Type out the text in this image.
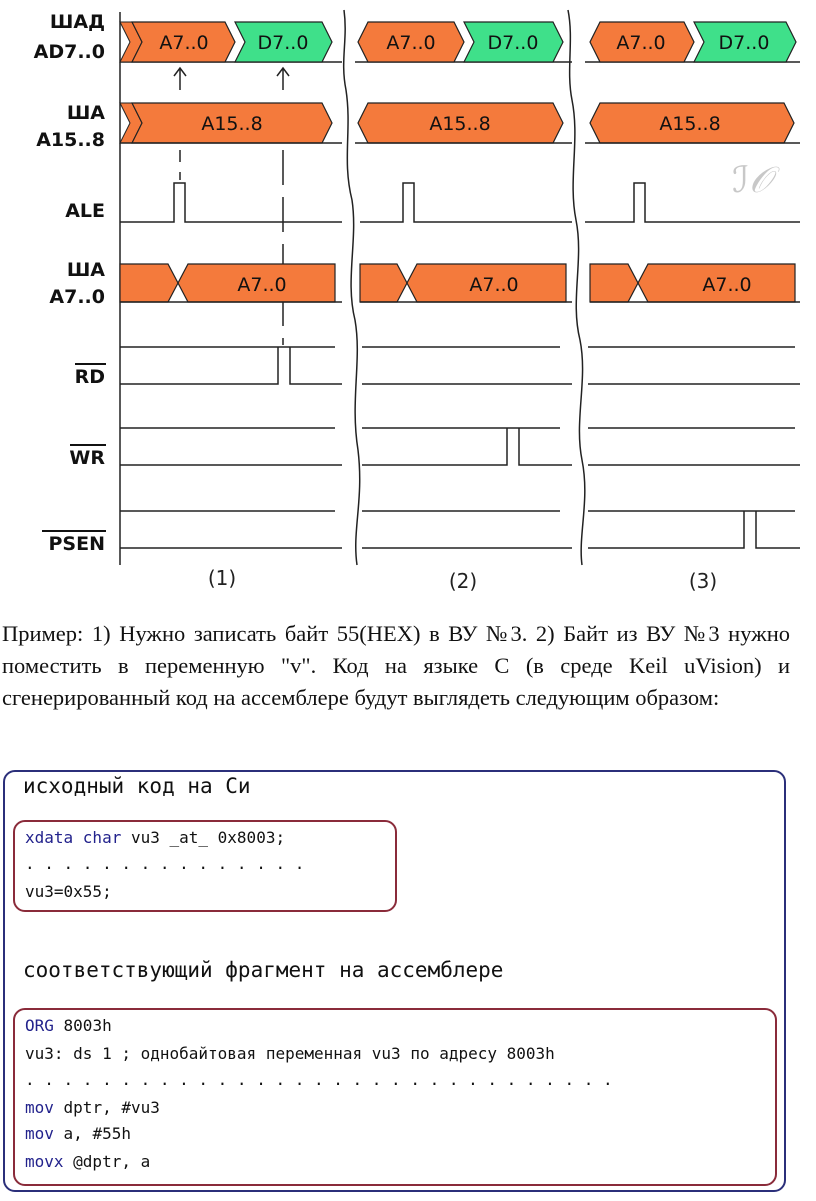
ШАД
AD7..0
ША
A15..8
ALE
ША
A7..0
RD
WR
PSEN
A7..0	D7..0
A15..8
A7..0
(1)
A7..0	D7..0
A15..8
A7..0
(2)
A7..0	D7..0
A15..8
ℐ𝒪
A7..0
(3)

Пример: 1) Нужно записать байт 55(HEX) в ВУ №3. 2) Байт из ВУ №3 нужно поместить в переменную "v". Код на языке С (в среде Keil uVision) и сгенерированный код на ассемблере будут выглядеть следующим образом:

исходный код на Си
xdata char vu3 _at_ 0x8003;
. . . . . . . . . . . . . . .
vu3=0x55;
соответствующий фрагмент на ассемблере
ORG 8003h
vu3: ds 1 ; однобайтовая переменная vu3 по адресу 8003h
. . . . . . . . . . . . . . . . . . . . . . . . . . . . . . .
mov dptr, #vu3
mov a, #55h
movx @dptr, a
